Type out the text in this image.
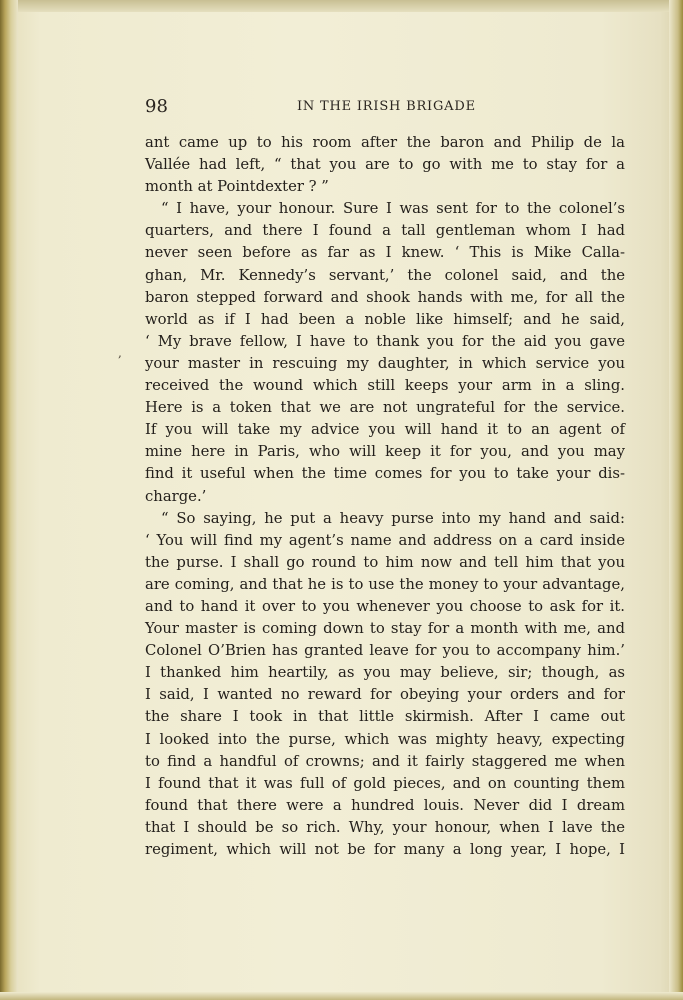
98	IN THE IRISH BRIGADE
,
ant came up to his room after the baron and Philip de la
Vallée had left, “ that you are to go with me to stay for a
month at Pointdexter ? ”
“ I have, your honour. Sure I was sent for to the colonel’s
quarters, and there I found a tall gentleman whom I had
never seen before as far as I knew. ‘ This is Mike Calla-
ghan, Mr. Kennedy’s servant,’ the colonel said, and the
baron stepped forward and shook hands with me, for all the
world as if I had been a noble like himself; and he said,
‘ My brave fellow, I have to thank you for the aid you gave
your master in rescuing my daughter, in which service you
received the wound which still keeps your arm in a sling.
Here is a token that we are not ungrateful for the service.
If you will take my advice you will hand it to an agent of
mine here in Paris, who will keep it for you, and you may
find it useful when the time comes for you to take your dis-
charge.’
“ So saying, he put a heavy purse into my hand and said:
‘ You will find my agent’s name and address on a card inside
the purse. I shall go round to him now and tell him that you
are coming, and that he is to use the money to your advantage,
and to hand it over to you whenever you choose to ask for it.
Your master is coming down to stay for a month with me, and
Colonel O’Brien has granted leave for you to accompany him.’
I thanked him heartily, as you may believe, sir; though, as
I said, I wanted no reward for obeying your orders and for
the share I took in that little skirmish. After I came out
I looked into the purse, which was mighty heavy, expecting
to find a handful of crowns; and it fairly staggered me when
I found that it was full of gold pieces, and on counting them
found that there were a hundred louis. Never did I dream
that I should be so rich. Why, your honour, when I lave the
regiment, which will not be for many a long year, I hope, I
